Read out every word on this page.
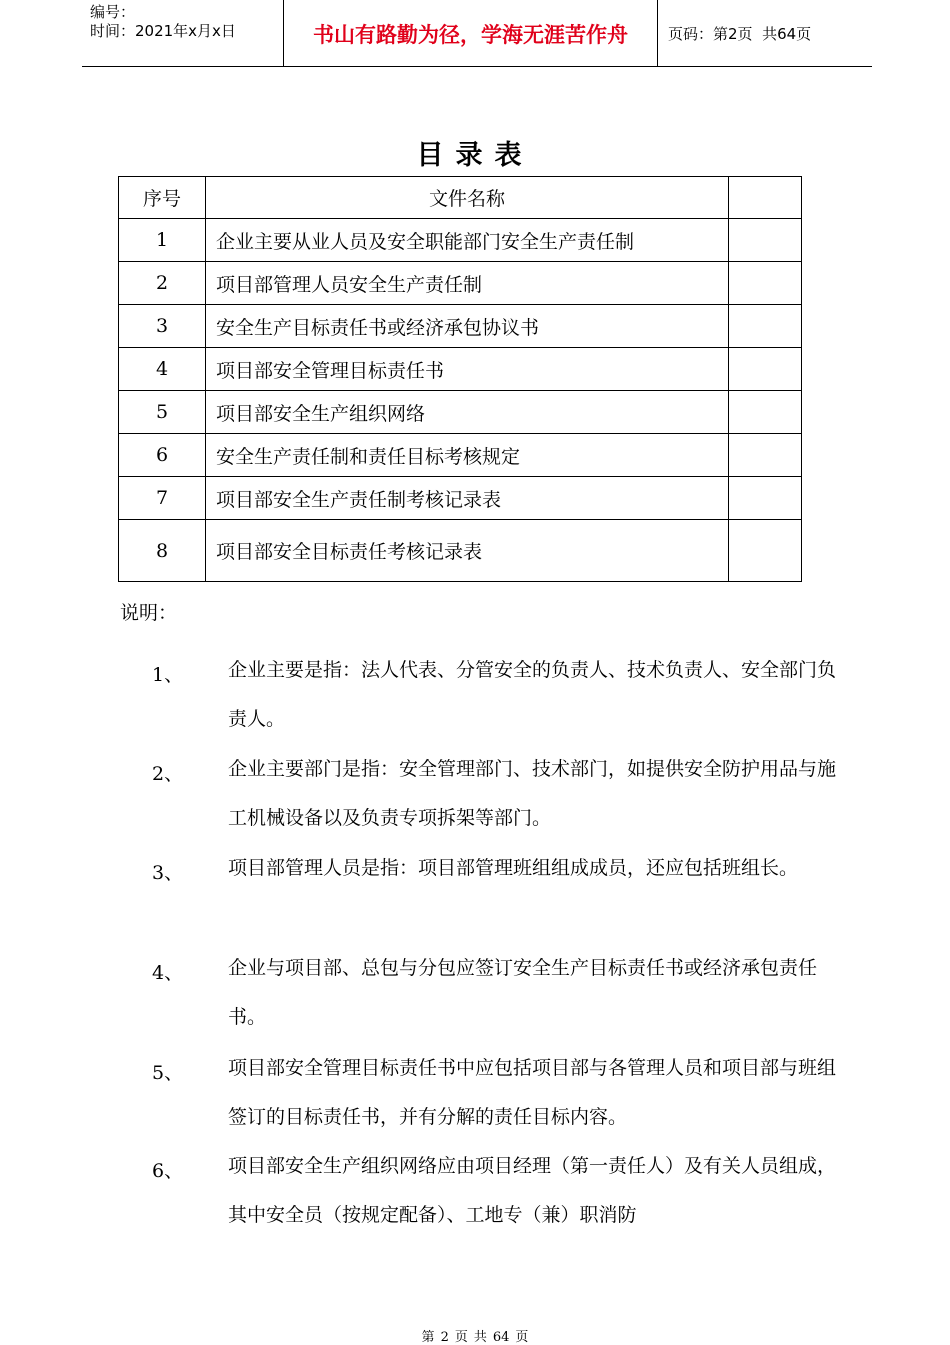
编号：
时间：2021年x月x日	书山有路勤为径，学海无涯苦作舟	页码：第2页  共64页
目录表
序号	文件名称	
1	企业主要从业人员及安全职能部门安全生产责任制	
2	项目部管理人员安全生产责任制	
3	安全生产目标责任书或经济承包协议书	
4	项目部安全管理目标责任书	
5	项目部安全生产组织网络	
6	安全生产责任制和责任目标考核规定	
7	项目部安全生产责任制考核记录表	
8	项目部安全目标责任考核记录表	
说明：
1、 企业主要是指：法人代表、分管安全的负责人、技术负责人、安全部门负责人。
2、 企业主要部门是指：安全管理部门、技术部门，如提供安全防护用品与施工机械设备以及负责专项拆架等部门。
3、 项目部管理人员是指：项目部管理班组组成成员，还应包括班组长。
4、 企业与项目部、总包与分包应签订安全生产目标责任书或经济承包责任书。
5、 项目部安全管理目标责任书中应包括项目部与各管理人员和项目部与班组签订的目标责任书，并有分解的责任目标内容。
6、 项目部安全生产组织网络应由项目经理（第一责任人）及有关人员组成，其中安全员（按规定配备）、工地专（兼）职消防
第 2 页 共 64 页
